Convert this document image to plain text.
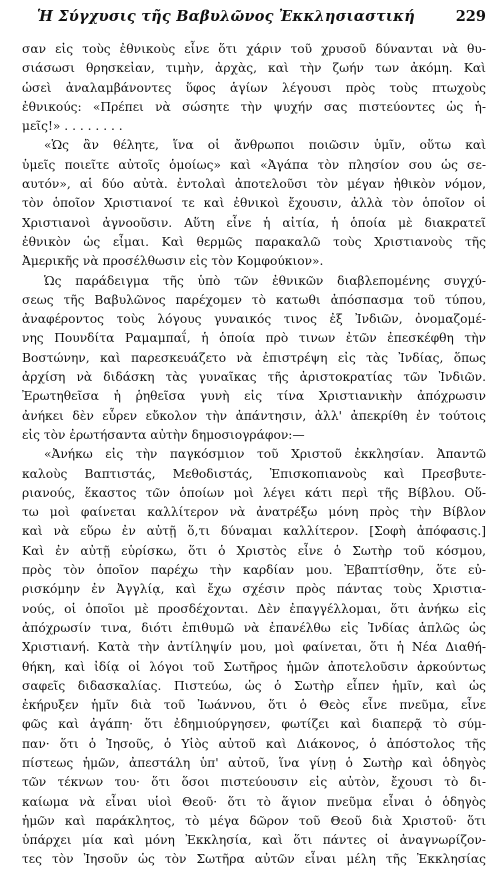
Ἡ Σύγχυσις τῆς Βαβυλῶνος Ἐκκλησιαστική	229
σαν εἰς τοὺς ἐθνικοὺς εἶνε ὅτι χάριν τοῦ χρυσοῦ δύνανται νὰ θυ-
σιάσωσι θρησκεἰαν, τιμὴν, ἀρχὰς, καὶ τὴν ζωήν των ἀκόμη. Καὶ
ὡσεὶ ἀναλαμβάνοντες ὕφος ἁγίων λέγουσι πρὸς τοὺς πτωχοὺς
ἐθνικούς: «Πρέπει νὰ σώσητε τὴν ψυχήν σας πιστεύοντες ὡς ἡ-
μεῖς!» . . . . . . . .
«Ὡς ἂν θέλητε, ἵνα οἱ ἄνθρωποι ποιῶσιν ὑμῖν, οὕτω καὶ
ὑμεῖς ποιεῖτε αὐτοῖς ὁμοίως» καὶ «Ἀγάπα τὸν πλησίον σου ὡς σε-
αυτόν», αἱ δύο αὐτὰ. ἐντολαὶ ἀποτελοῦσι τὸν μέγαν ἠθικὸν νόμον,
τὸν ὁποῖον Χριστιανοί τε καὶ ἐθνικοὶ ἔχουσιν, ἀλλὰ τὸν ὁποῖον οἱ
Χριστιανοὶ ἀγνοοῦσιν. Αὕτη εἶνε ἡ αἰτία, ἡ ὁποία μὲ διακρατεῖ
ἐθνικὸν ὡς εἶμαι. Καὶ θερμῶς παρακαλῶ τοὺς Χριστιανοὺς τῆς
Ἀμερικῆς νὰ προσέλθωσιν εἰς τὸν Κομφούκιον».
Ὡς παράδειγμα τῆς ὑπὸ τῶν ἐθνικῶν διαβλεπομένης συγχύ-
σεως τῆς Βαβυλῶνος παρέχομεν τὸ κατωθι ἀπόσπασμα τοῦ τύπου,
ἀναφέροντος τοὺς λόγους γυναικός τινος ἐξ Ἰνδιῶν, ὀνομαζομέ-
νης Πουνδίτα Ραμαμπαΐ, ἡ ὁποία πρὸ τινων ἐτῶν ἐπεσκέφθη τὴν
Βοστώνην, καὶ παρεσκευάζετο νὰ ἐπιστρέψη εἰς τὰς Ἰνδίας, ὅπως
ἀρχίση νὰ διδάσκη τὰς γυναῖκας τῆς ἀριστοκρατίας τῶν Ἰνδιῶν.
Ἐρωτηθεῖσα ἡ ῥηθεῖσα γυνὴ εἰς τίνα Χριστιανικὴν ἀπόχρωσιν
ἀνήκει δὲν εὗρεν εὔκολον τὴν ἀπάντησιν, ἀλλ' ἀπεκρίθη ἐν τούτοις
εἰς τὸν ἐρωτήσαντα αὐτὴν δημοσιογράφον:—
«Ἀνήκω εἰς τὴν παγκόσμιον τοῦ Χριστοῦ ἐκκλησίαν. Ἀπαντῶ
καλοὺς Βαπτιστάς, Μεθοδιστάς, Ἐπισκοπιανοὺς καὶ Πρεσβυτε-
ριανούς, ἕκαστος τῶν ὁποίων μοὶ λέγει κάτι περὶ τῆς Βίβλου. Οὕ-
τω μοὶ φαίνεται καλλίτερον νὰ ἀνατρέξω μόνη πρὸς τὴν Βίβλον
καὶ νὰ εὕρω ἐν αὐτῇ ὅ,τι δύναμαι καλλίτερον. [Σοφὴ ἀπόφασις.]
Καὶ ἐν αὐτῇ εὑρίσκω, ὅτι ὁ Χριστὸς εἶνε ὁ Σωτὴρ τοῦ κόσμου,
πρὸς τὸν ὁποῖον παρέχω τὴν καρδίαν μου. Ἐβαπτίσθην, ὅτε εὐ-
ρισκόμην ἐν Ἀγγλίᾳ, καὶ ἔχω σχέσιν πρὸς πάντας τοὺς Χριστια-
νούς, οἱ ὁποῖοι μὲ προσδέχονται. Δὲν ἐπαγγέλλομαι, ὅτι ἀνήκω εἰς
ἀπόχρωσίν τινα, διότι ἐπιθυμῶ νὰ ἐπανέλθω εἰς Ἰνδίας ἁπλῶς ὡς
Χριστιανή. Κατὰ τὴν ἀντίληψίν μου, μοὶ φαίνεται, ὅτι ἡ Νέα Διαθή-
θήκη, καὶ ἰδίᾳ οἱ λόγοι τοῦ Σωτῆρος ἡμῶν ἀποτελοῦσιν ἀρκούντως
σαφεῖς διδασκαλίας. Πιστεύω, ὡς ὁ Σωτὴρ εἶπεν ἡμῖν, καὶ ὡς
ἐκήρυξεν ἡμῖν διὰ τοῦ Ἰωάννου, ὅτι ὁ Θεὸς εἶνε πνεῦμα, εἶνε
φῶς καὶ ἀγάπη· ὅτι ἐδημιούργησεν, φωτίζει καὶ διαπερᾷ τὸ σύμ-
παν· ὅτι ὁ Ἰησοῦς, ὁ Υἱὸς αὐτοῦ καὶ Διάκονος, ὁ ἀπόστολος τῆς
πίστεως ἡμῶν, ἀπεστάλη ὑπ' αὐτοῦ, ἵνα γίνῃ ὁ Σωτὴρ καὶ ὁδηγὸς
τῶν τέκνων του· ὅτι ὅσοι πιστεύουσιν εἰς αὐτὸν, ἔχουσι τὸ δι-
καίωμα νὰ εἶναι υἱοὶ Θεοῦ· ὅτι τὸ ἅγιον πνεῦμα εἶναι ὁ ὁδηγὸς
ἡμῶν καὶ παράκλητος, τὸ μέγα δῶρον τοῦ Θεοῦ διὰ Χριστοῦ· ὅτι
ὑπάρχει μία καὶ μόνη Ἐκκλησία, καὶ ὅτι πάντες οἱ ἀναγνωρίζον-
τες τὸν Ἰησοῦν ὡς τὸν Σωτῆρα αὐτῶν εἶναι μέλη τῆς Ἐκκλησίας
